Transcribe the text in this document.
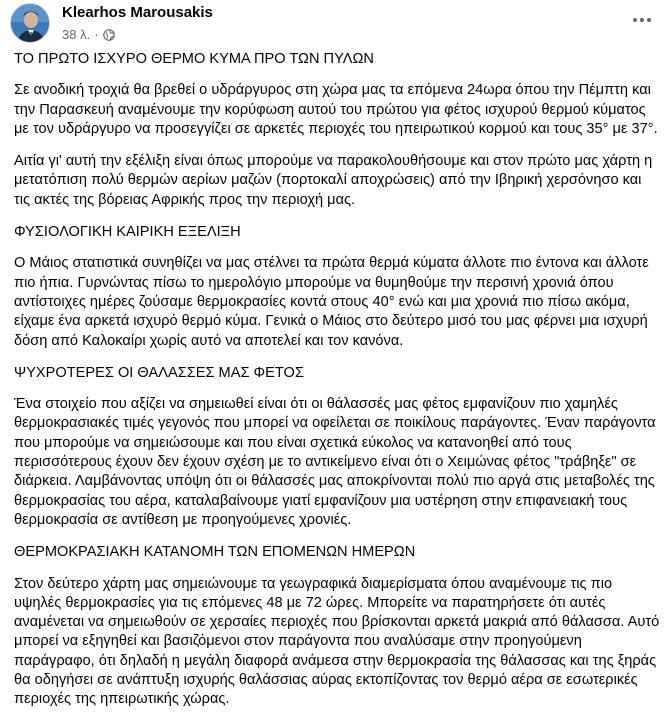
Klearhos Marousakis
38 λ. ·

ΤΟ ΠΡΩΤΟ ΙΣΧΥΡΟ ΘΕΡΜΟ ΚΥΜΑ ΠΡΟ ΤΩΝ ΠΥΛΩΝ

Σε ανοδική τροχιά θα βρεθεί ο υδράργυρος στη χώρα μας τα επόμενα 24ωρα όπου την Πέμπτη και την Παρασκευή αναμένουμε την κορύφωση αυτού του πρώτου για φέτος ισχυρού θερμού κύματος με τον υδράργυρο να προσεγγίζει σε αρκετές περιοχές του ηπειρωτικού κορμού και τους 35° με 37°.

Αιτία γι' αυτή την εξέλιξη είναι όπως μπορούμε να παρακολουθήσουμε και στον πρώτο μας χάρτη η μετατόπιση πολύ θερμών αερίων μαζών (πορτοκαλί αποχρώσεις) από την Ιβηρική χερσόνησο και τις ακτές της βόρειας Αφρικής προς την περιοχή μας.

ΦΥΣΙΟΛΟΓΙΚΗ ΚΑΙΡΙΚΗ ΕΞΕΛΙΞΗ

Ο Μάιος στατιστικά συνηθίζει να μας στέλνει τα πρώτα θερμά κύματα άλλοτε πιο έντονα και άλλοτε πιο ήπια. Γυρνώντας πίσω το ημερολόγιο μπορούμε να θυμηθούμε την περσινή χρονιά όπου αντίστοιχες ημέρες ζούσαμε θερμοκρασίες κοντά στους 40° ενώ και μια χρονιά πιο πίσω ακόμα, είχαμε ένα αρκετά ισχυρό θερμό κύμα. Γενικά ο Μάιος στο δεύτερο μισό του μας φέρνει μια ισχυρή δόση από Καλοκαίρι χωρίς αυτό να αποτελεί και τον κανόνα.

ΨΥΧΡΟΤΕΡΕΣ ΟΙ ΘΑΛΑΣΣΕΣ ΜΑΣ ΦΕΤΟΣ

Ένα στοιχείο που αξίζει να σημειωθεί είναι ότι οι θάλασσές μας φέτος εμφανίζουν πιο χαμηλές θερμοκρασιακές τιμές γεγονός που μπορεί να οφείλεται σε ποικίλους παράγοντες. Έναν παράγοντα που μπορούμε να σημειώσουμε και που είναι σχετικά εύκολος να κατανοηθεί από τους περισσότερους έχουν δεν έχουν σχέση με το αντικείμενο είναι ότι ο Χειμώνας φέτος "τράβηξε" σε διάρκεια. Λαμβάνοντας υπόψη ότι οι θάλασσές μας αποκρίνονται πολύ πιο αργά στις μεταβολές της θερμοκρασίας του αέρα, καταλαβαίνουμε γιατί εμφανίζουν μια υστέρηση στην επιφανειακή τους θερμοκρασία σε αντίθεση με προηγούμενες χρονιές.

ΘΕΡΜΟΚΡΑΣΙΑΚΗ ΚΑΤΑΝΟΜΗ ΤΩΝ ΕΠΟΜΕΝΩΝ ΗΜΕΡΩΝ

Στον δεύτερο χάρτη μας σημειώνουμε τα γεωγραφικά διαμερίσματα όπου αναμένουμε τις πιο υψηλές θερμοκρασίες για τις επόμενες 48 με 72 ώρες. Μπορείτε να παρατηρήσετε ότι αυτές αναμένεται να σημειωθούν σε χερσαίες περιοχές που βρίσκονται αρκετά μακριά από θάλασσα. Αυτό μπορεί να εξηγηθεί και βασιζόμενοι στον παράγοντα που αναλύσαμε στην προηγούμενη παράγραφο, ότι δηλαδή η μεγάλη διαφορά ανάμεσα στην θερμοκρασία της θάλασσας και της ξηράς θα οδηγήσει σε ανάπτυξη ισχυρής θαλάσσιας αύρας εκτοπίζοντας τον θερμό αέρα σε εσωτερικές περιοχές της ηπειρωτικής χώρας.
